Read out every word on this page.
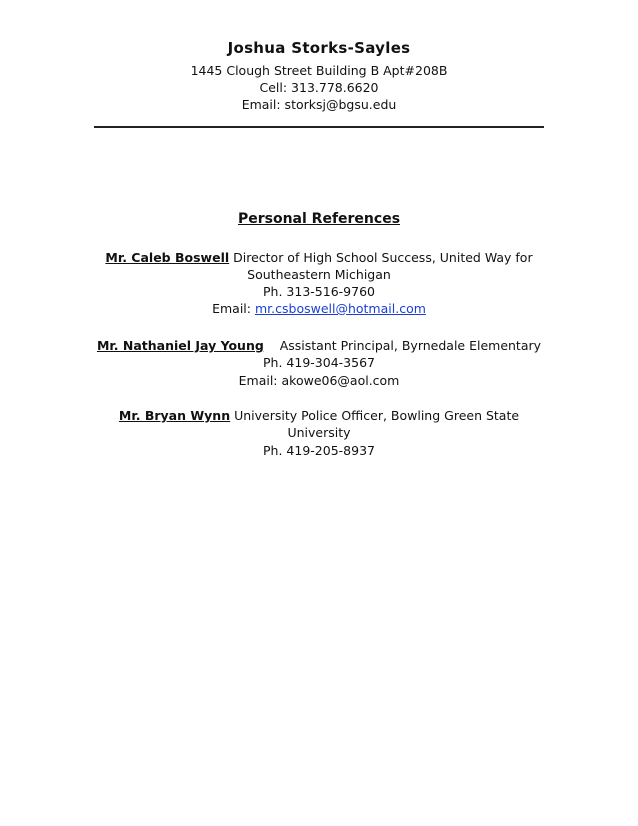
Joshua Storks-Sayles
1445 Clough Street Building B Apt#208B
Cell: 313.778.6620
Email: storksj@bgsu.edu
Personal References
Mr. Caleb Boswell Director of High School Success, United Way for
Southeastern Michigan
Ph. 313-516-9760
Email: mr.csboswell@hotmail.com
Mr. Nathaniel Jay Young Assistant Principal, Byrnedale Elementary
Ph. 419-304-3567
Email: akowe06@aol.com
Mr. Bryan Wynn University Police Officer, Bowling Green State
University
Ph. 419-205-8937
